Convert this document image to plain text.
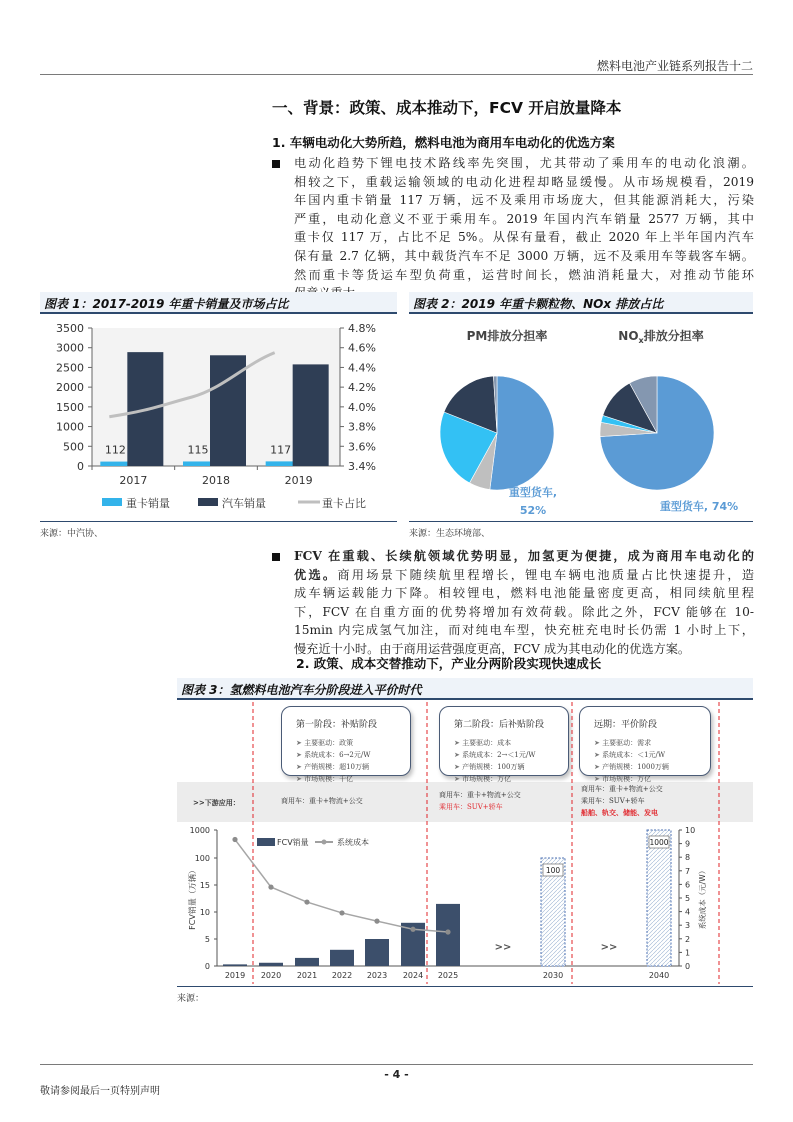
燃料电池产业链系列报告十二
一、背景：政策、成本推动下，FCV 开启放量降本
1. 车辆电动化大势所趋，燃料电池为商用车电动化的优选方案
电动化趋势下锂电技术路线率先突围，尤其带动了乘用车的电动化浪潮。
相较之下，重载运输领域的电动化进程却略显缓慢。从市场规模看，2019
年国内重卡销量 117 万辆，远不及乘用市场庞大，但其能源消耗大，污染
严重，电动化意义不亚于乘用车。2019 年国内汽车销量 2577 万辆，其中
重卡仅 117 万，占比不足 5%。从保有量看，截止 2020 年上半年国内汽车
保有量 2.7 亿辆，其中载货汽车不足 3000 万辆，远不及乘用车等载客车辆。
然而重卡等货运车型负荷重，运营时间长，燃油消耗量大，对推动节能环
图表 1：2017-2019 年重卡销量及市场占比
0
500
1000
1500
2000
2500
3000
3500
3.4%
3.6%
3.8%
4.0%
4.2%
4.4%
4.6%
4.8%
112
2017
115
2018
117
2019
重卡销量	汽车销量	重卡占比
来源：中汽协、
图表 2：2019 年重卡颗粒物、NOx 排放占比
PM排放分担率	$NO_x$排放分担率
重型货车,
52%	重型货车, 74%
来源：生态环境部、
FCV 在重载、长续航领域优势明显，加氢更为便捷，成为商用车电动化的
优选。商用场景下随续航里程增长，锂电车辆电池质量占比快速提升，造
成车辆运载能力下降。相较锂电，燃料电池能量密度更高，相同续航里程
下，FCV 在自重方面的优势将增加有效荷载。除此之外，FCV 能够在 10-
15min 内完成氢气加注，而对纯电车型，快充桩充电时长仍需 1 小时上下，
慢充近十小时。由于商用运营强度更高，FCV 成为其电动化的优选方案。
2. 政策、成本交替推动下，产业分两阶段实现快速成长
图表 3：氢燃料电池汽车分阶段进入平价时代
>>下游应用：	商用车：重卡+物流+公交
商用车：重卡+物流+公交
乘用车：SUV+轿车
商用车：重卡+物流+公交
乘用车：SUV+轿车
船舶、轨交、储能、发电
第一阶段：补贴阶段
➤ 主要驱动：政策
➤ 系统成本：6→2元/W
➤ 产销规模：超10万辆
➤ 市场规模：千亿
第二阶段：后补贴阶段
➤ 主要驱动：成本
➤ 系统成本：2→＜1元/W
➤ 产销规模：100万辆
➤ 市场规模：万亿
远期：平价阶段
➤ 主要驱动：需求
➤ 系统成本：＜1元/W
➤ 产销规模：1000万辆
➤ 市场规模：万亿
0
5
10
15
100
1000
FCV销量（万辆）
0
1
2
3
4
5
6
7
8
9
10
系统成本（元/W）
FCV销量	系统成本
2019 2020 2021 2022 2023 2024 2025	2030	2040
100
1000
>>	>>
来源：
- 4 -
敬请参阅最后一页特别声明
